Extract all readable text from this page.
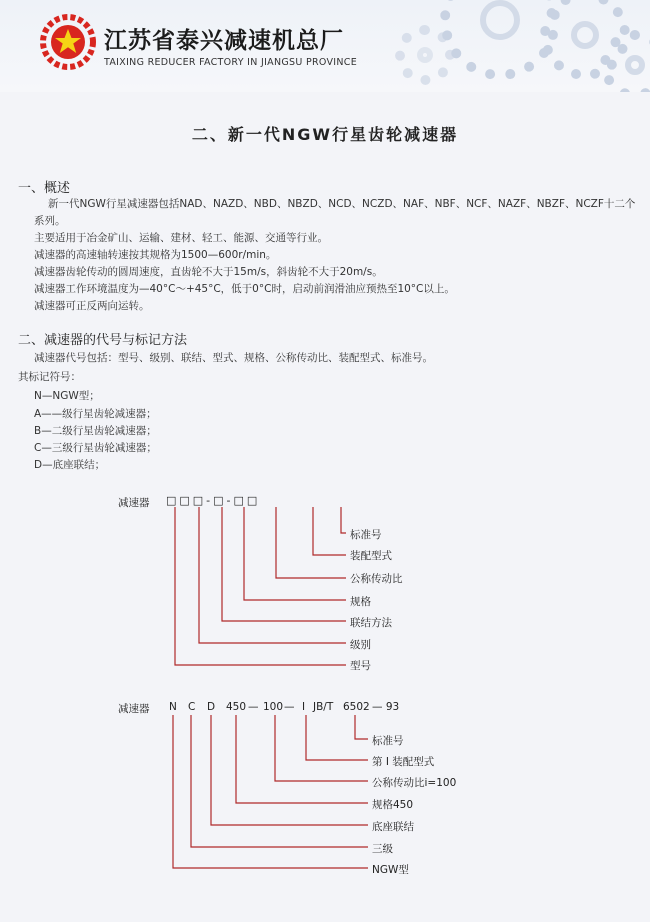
江苏省泰兴减速机总厂
TAIXING REDUCER FACTORY IN JIANGSU PROVINCE
二、新一代NGW行星齿轮减速器
一、概述
新一代NGW行星减速器包括NAD、NAZD、NBD、NBZD、NCD、NCZD、NAF、NBF、NCF、NAZF、NBZF、NCZF十二个
系列。
主要适用于冶金矿山、运输、建材、轻工、能源、交通等行业。
减速器的高速轴转速按其规格为1500—600r/min。
减速器齿轮传动的圆周速度，直齿轮不大于15m/s，斜齿轮不大于20m/s。
减速器工作环境温度为—40°C～+45°C，低于0°C时，启动前润滑油应预热至10°C以上。
减速器可正反两向运转。
二、减速器的代号与标记方法
减速器代号包括：型号、级别、联结、型式、规格、公称传动比、装配型式、标准号。
其标记符号：
N—NGW型；
A——级行星齿轮减速器；
B—二级行星齿轮减速器；
C—三级行星齿轮减速器；
D—底座联结；
减速器 □□□-□-□□
标准号
装配型式
公称传动比
规格
联结方法
级别
型号
减速器 N C D 450 — 100 — I JB/T 6502 — 93
标准号
第 I 装配型式
公称传动比i=100
规格450
底座联结
三级
NGW型
